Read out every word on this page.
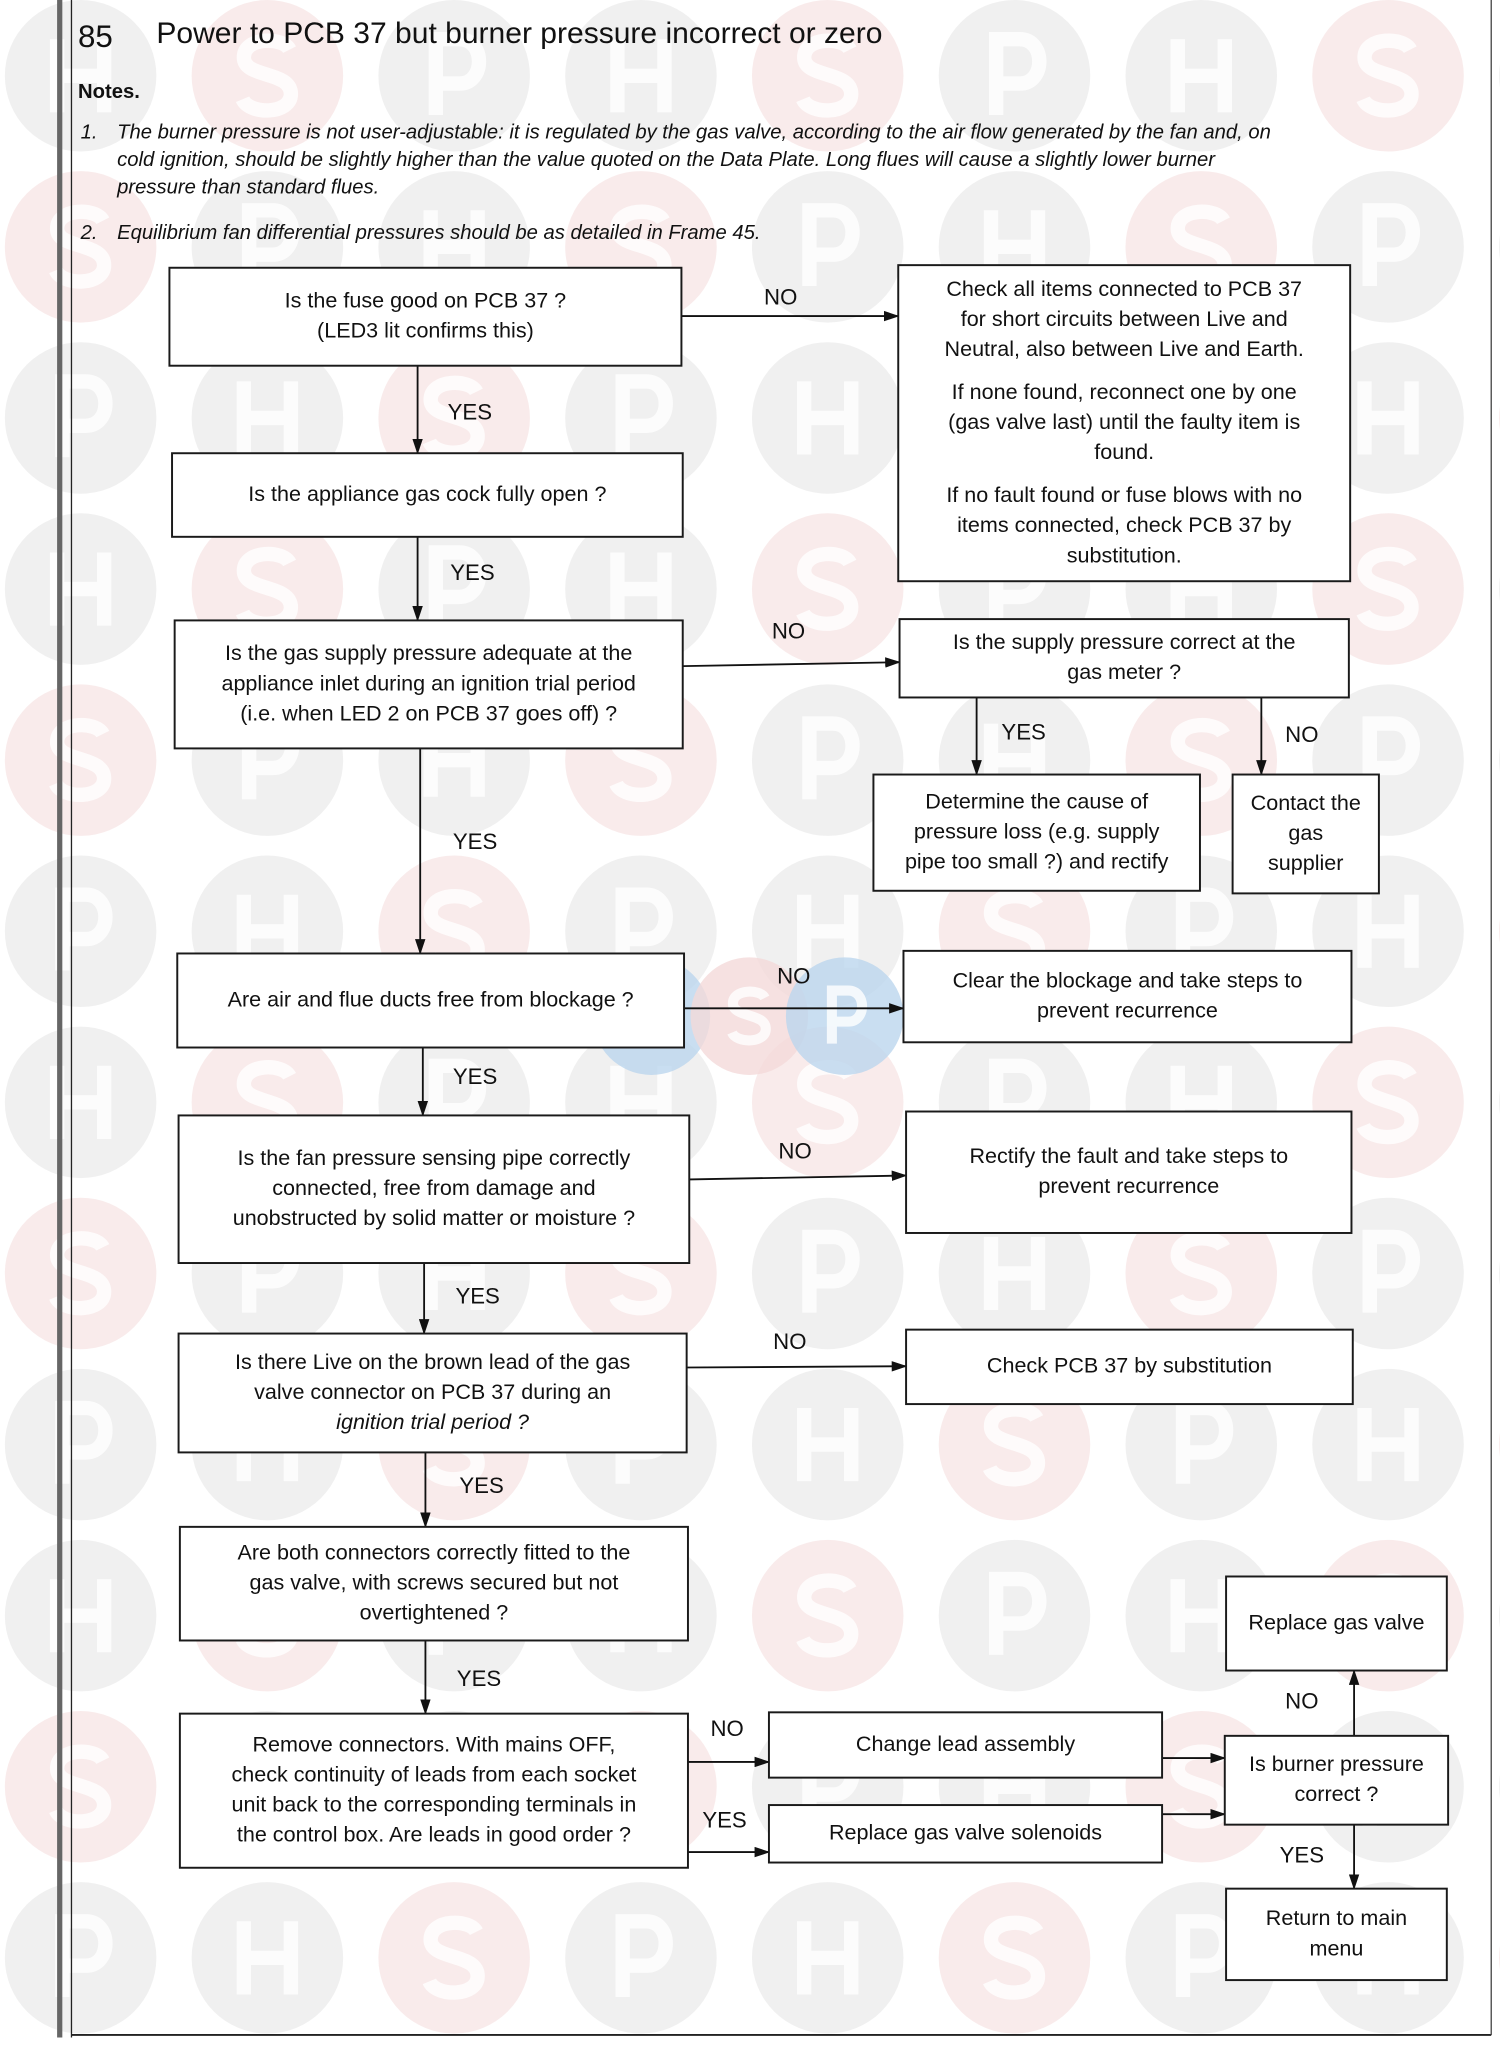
85 Power to PCB 37 but burner pressure incorrect or zero
Notes.
1. The burner pressure is not user-adjustable: it is regulated by the gas valve, according to the air flow generated by the fan and, on
cold ignition, should be slightly higher than the value quoted on the Data Plate. Long flues will cause a slightly lower burner
pressure than standard flues.
2. Equilibrium fan differential pressures should be as detailed in Frame 45.
Is the fuse good on PCB 37 ?
(LED3 lit confirms this)
Check all items connected to PCB 37
for short circuits between Live and
Neutral, also between Live and Earth.
If none found, reconnect one by one
(gas valve last) until the faulty item is
found.
If no fault found or fuse blows with no
items connected, check PCB 37 by
substitution.
Is the appliance gas cock fully open ?
Is the gas supply pressure adequate at the
appliance inlet during an ignition trial period
(i.e. when LED 2 on PCB 37 goes off) ?
Is the supply pressure correct at the
gas meter ?
Determine the cause of
pressure loss (e.g. supply
pipe too small ?) and rectify
Contact the
gas
supplier
Are air and flue ducts free from blockage ?
Clear the blockage and take steps to
prevent recurrence
Is the fan pressure sensing pipe correctly
connected, free from damage and
unobstructed by solid matter or moisture ?
Rectify the fault and take steps to
prevent recurrence
Is there Live on the brown lead of the gas
valve connector on PCB 37 during an
ignition trial period ?
Check PCB 37 by substitution
Are both connectors correctly fitted to the
gas valve, with screws secured but not
overtightened ?
Remove connectors. With mains OFF,
check continuity of leads from each socket
unit back to the corresponding terminals in
the control box. Are leads in good order ?
Change lead assembly
Replace gas valve solenoids
Is burner pressure
correct ?
Replace gas valve
Return to main
menu
NO
YES
YES
NO
YES	NO
YES
NO
YES
NO
YES
NO
YES
YES
NO
YES
NO
YES
